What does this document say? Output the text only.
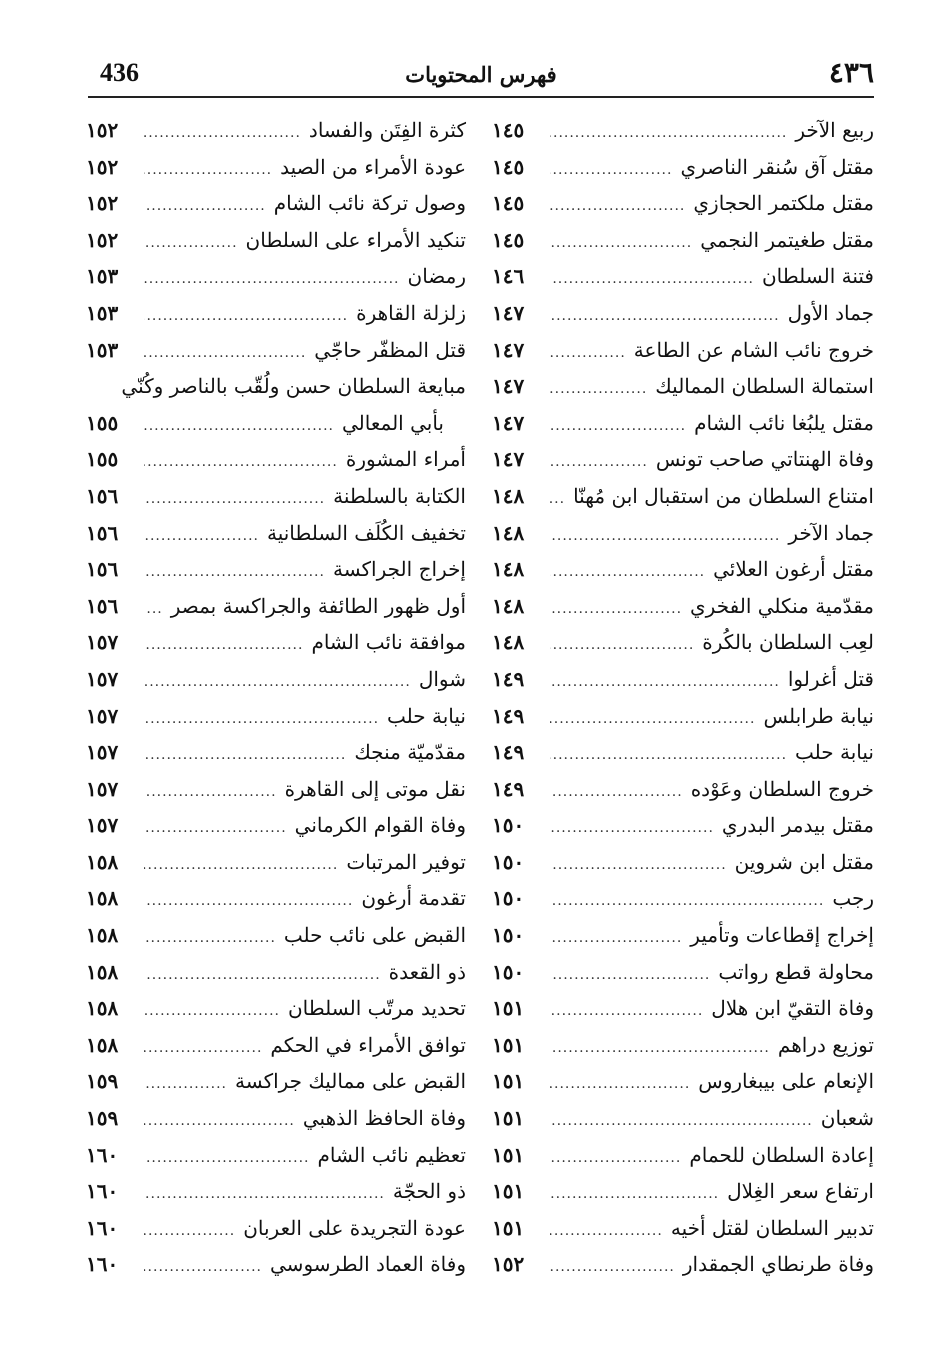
436	فهرس المحتويات	٤٣٦
ربيع الآخر
.....
١٤٥
مقتل آق سُنقر الناصري
.....
١٤٥
مقتل ملكتمر الحجازي
.....
١٤٥
مقتل طغيتمر النجمي
.....
١٤٥
فتنة السلطان
.....
١٤٦
جماد الأول
.....
١٤٧
خروج نائب الشام عن الطاعة
.....
١٤٧
استمالة السلطان المماليك
.....
١٤٧
مقتل يلبُغا نائب الشام
.....
١٤٧
وفاة الهنتاتي صاحب تونس
.....
١٤٧
امتناع السلطان من استقبال ابن مُهنّا
.....
١٤٨
جماد الآخر
.....
١٤٨
مقتل أرغون العلائي
.....
١٤٨
مقدّمية منكلي الفخري
.....
١٤٨
لعِب السلطان بالكُرة
.....
١٤٨
قتل أغرلوا
.....
١٤٩
نيابة طرابلس
.....
١٤٩
نيابة حلب
.....
١٤٩
خروج السلطان وعَوْده
.....
١٤٩
مقتل بيدمر البدري
.....
١٥٠
مقتل ابن شروين
.....
١٥٠
رجب
.....
١٥٠
إخراج إقطاعات وتأمير
.....
١٥٠
محاولة قطع رواتب
.....
١٥٠
وفاة التقيّ ابن هلال
.....
١٥١
توزيع دراهم
.....
١٥١
الإنعام على بيبغاروس
.....
١٥١
شعبان
.....
١٥١
إعادة السلطان للحمام
.....
١٥١
ارتفاع سعر الغِلال
.....
١٥١
تدبير السلطان لقتل أخيه
.....
١٥١
وفاة طرنطاي الجمقدار
.....
١٥٢
كثرة الفِتَن والفساد
.....
١٥٢
عودة الأمراء من الصيد
.....
١٥٢
وصول تركة نائب الشام
.....
١٥٢
تنكيد الأمراء على السلطان
.....
١٥٢
رمضان
.....
١٥٣
زلزلة القاهرة
.....
١٥٣
قتل المظفّر حاجّي
.....
١٥٣
مبايعة السلطان حسن ولُقّب بالناصر وكُنّي
بأبي المعالي
.....
١٥٥
أمراء المشورة
.....
١٥٥
الكتابة بالسلطنة
.....
١٥٦
تخفيف الكُلَف السلطانية
.....
١٥٦
إخراج الجراكسة
.....
١٥٦
أول ظهور الطائفة والجراكسة بمصر
.....
١٥٦
موافقة نائب الشام
.....
١٥٧
شوال
.....
١٥٧
نيابة حلب
.....
١٥٧
مقدّميّة منجك
.....
١٥٧
نقل موتى إلى القاهرة
.....
١٥٧
وفاة القوام الكرماني
.....
١٥٧
توفير المرتبات
.....
١٥٨
تقدمة أرغون
.....
١٥٨
القبض على نائب حلب
.....
١٥٨
ذو القعدة
.....
١٥٨
تحديد مرتّب السلطان
.....
١٥٨
توافق الأمراء في الحكم
.....
١٥٨
القبض على مماليك جراكسة
.....
١٥٩
وفاة الحافظ الذهبي
.....
١٥٩
تعظيم نائب الشام
.....
١٦٠
ذو الحجّة
.....
١٦٠
عودة التجريدة على العربان
.....
١٦٠
وفاة العماد الطرسوسي
.....
١٦٠
